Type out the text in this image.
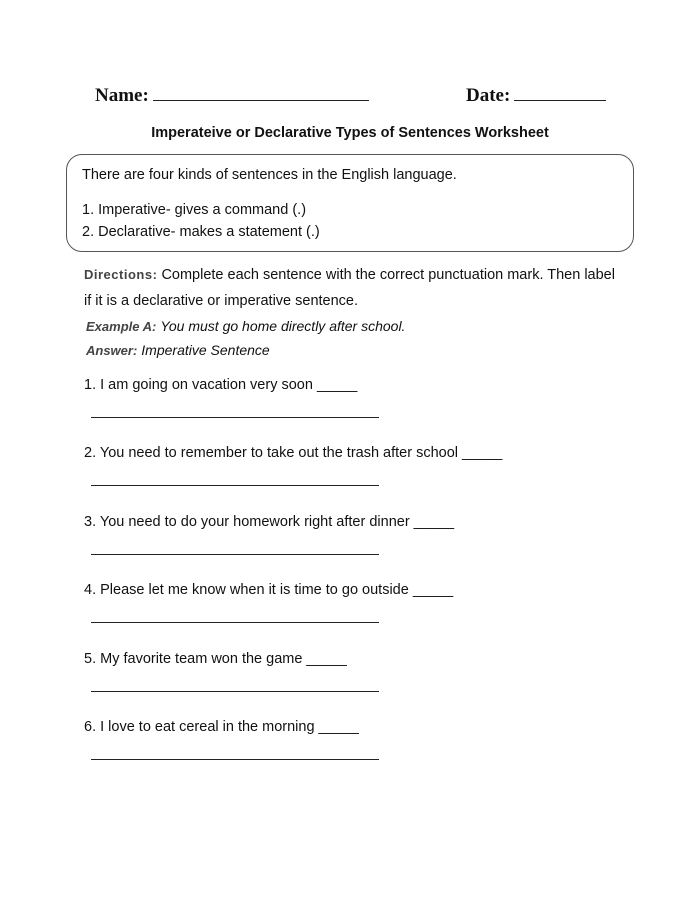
Name:	Date:
Imperateive or Declarative Types of Sentences Worksheet
There are four kinds of sentences in the English language.
1. Imperative- gives a command (.)
2. Declarative- makes a statement (.)
Directions: Complete each sentence with the correct punctuation mark. Then label if it is a declarative or imperative sentence.
Example A: You must go home directly after school.
Answer: Imperative Sentence
1. I am going on vacation very soon _____
2. You need to remember to take out the trash after school _____
3. You need to do your homework right after dinner _____
4. Please let me know when it is time to go outside _____
5. My favorite team won the game _____
6. I love to eat cereal in the morning _____
